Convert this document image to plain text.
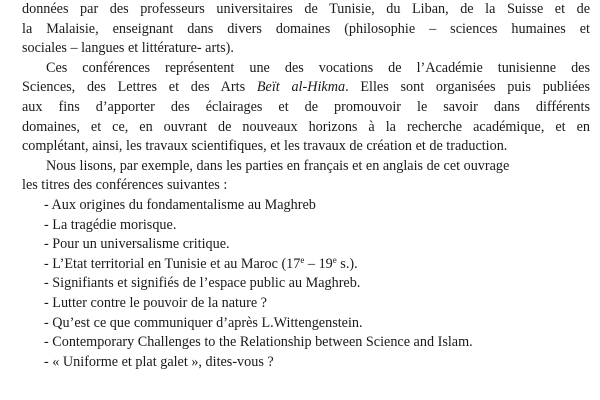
données par des professeurs universitaires de Tunisie, du Liban, de la Suisse et de
la Malaisie, enseignant dans divers domaines (philosophie – sciences humaines et
sociales – langues et littérature- arts).
Ces conférences représentent une des vocations de l’Académie tunisienne des
Sciences, des Lettres et des Arts Beït al-Hikma. Elles sont organisées puis publiées
aux fins d’apporter des éclairages et de promouvoir le savoir dans différents
domaines, et ce, en ouvrant de nouveaux horizons à la recherche académique, et en
complétant, ainsi, les travaux scientifiques, et les travaux de création et de traduction.
Nous lisons, par exemple, dans les parties en français et en anglais de cet ouvrage
les titres des conférences suivantes :
- Aux origines du fondamentalisme au Maghreb
- La tragédie morisque.
- Pour un universalisme critique.
- L’Etat territorial en Tunisie et au Maroc (17e – 19e s.).
- Signifiants et signifiés de l’espace public au Maghreb.
- Lutter contre le pouvoir de la nature ?
- Qu’est ce que communiquer d’après L.Wittengenstein.
- Contemporary Challenges to the Relationship between Science and Islam.
- « Uniforme et plat galet », dites-vous ?
